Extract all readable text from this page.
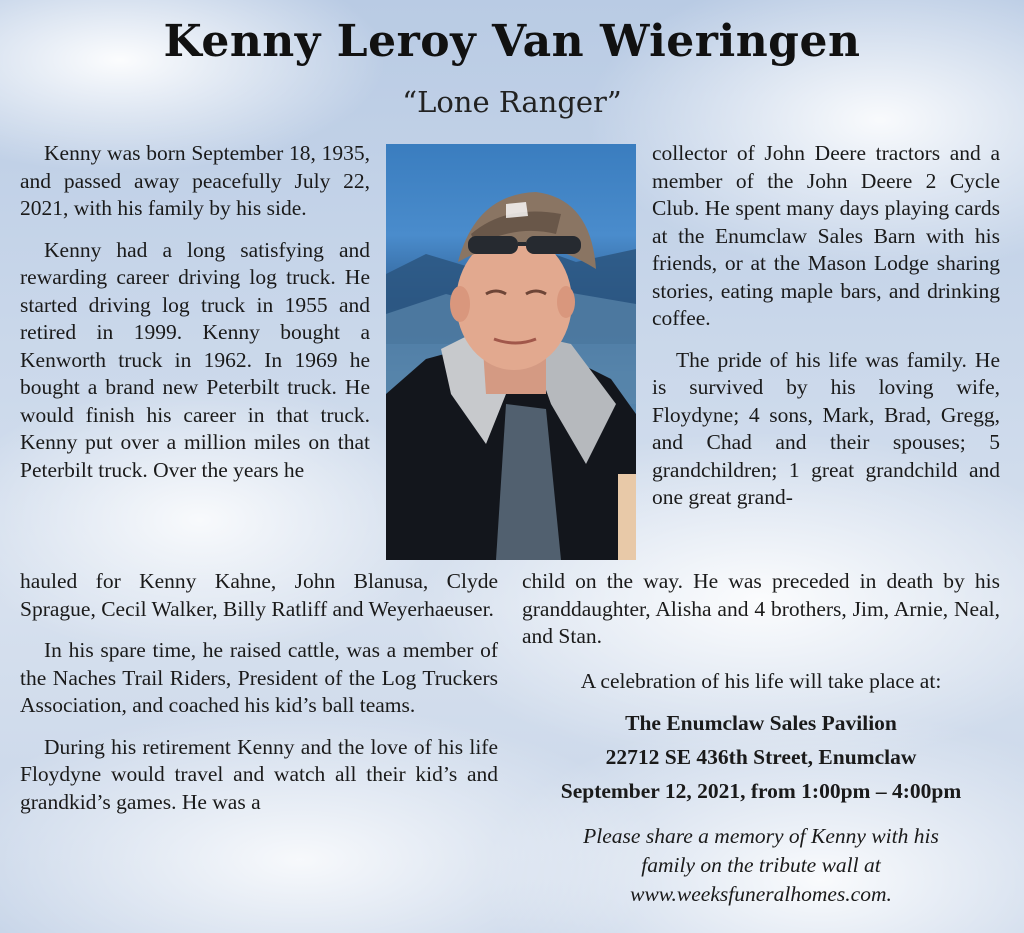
Kenny Leroy Van Wieringen
“Lone Ranger”

Kenny was born September 18, 1935, and passed away peacefully July 22, 2021, with his family by his side.

Kenny had a long satisfying and rewarding career driving log truck. He started driving log truck in 1955 and retired in 1999. Kenny bought a Kenworth truck in 1962. In 1969 he bought a brand new Peterbilt truck. He would finish his career in that truck. Kenny put over a million miles on that Peterbilt truck. Over the years he

hauled for Kenny Kahne, John Blanusa, Clyde Sprague, Cecil Walker, Billy Ratliff and Weyerhaeuser.

In his spare time, he raised cattle, was a member of the Naches Trail Riders, President of the Log Truckers Association, and coached his kid’s ball teams.

During his retirement Kenny and the love of his life Floydyne would travel and watch all their kid’s and grandkid’s games. He was a

collector of John Deere tractors and a member of the John Deere 2 Cycle Club. He spent many days playing cards at the Enumclaw Sales Barn with his friends, or at the Mason Lodge sharing stories, eating maple bars, and drinking coffee.

The pride of his life was family. He is survived by his loving wife, Floydyne; 4 sons, Mark, Brad, Gregg, and Chad and their spouses; 5 grandchildren; 1 great grandchild and one great grand-

child on the way. He was preceded in death by his granddaughter, Alisha and 4 brothers, Jim, Arnie, Neal, and Stan.

A celebration of his life will take place at:
The Enumclaw Sales Pavilion
22712 SE 436th Street, Enumclaw
September 12, 2021, from 1:00pm – 4:00pm
Please share a memory of Kenny with his
family on the tribute wall at
www.weeksfuneralhomes.com.
